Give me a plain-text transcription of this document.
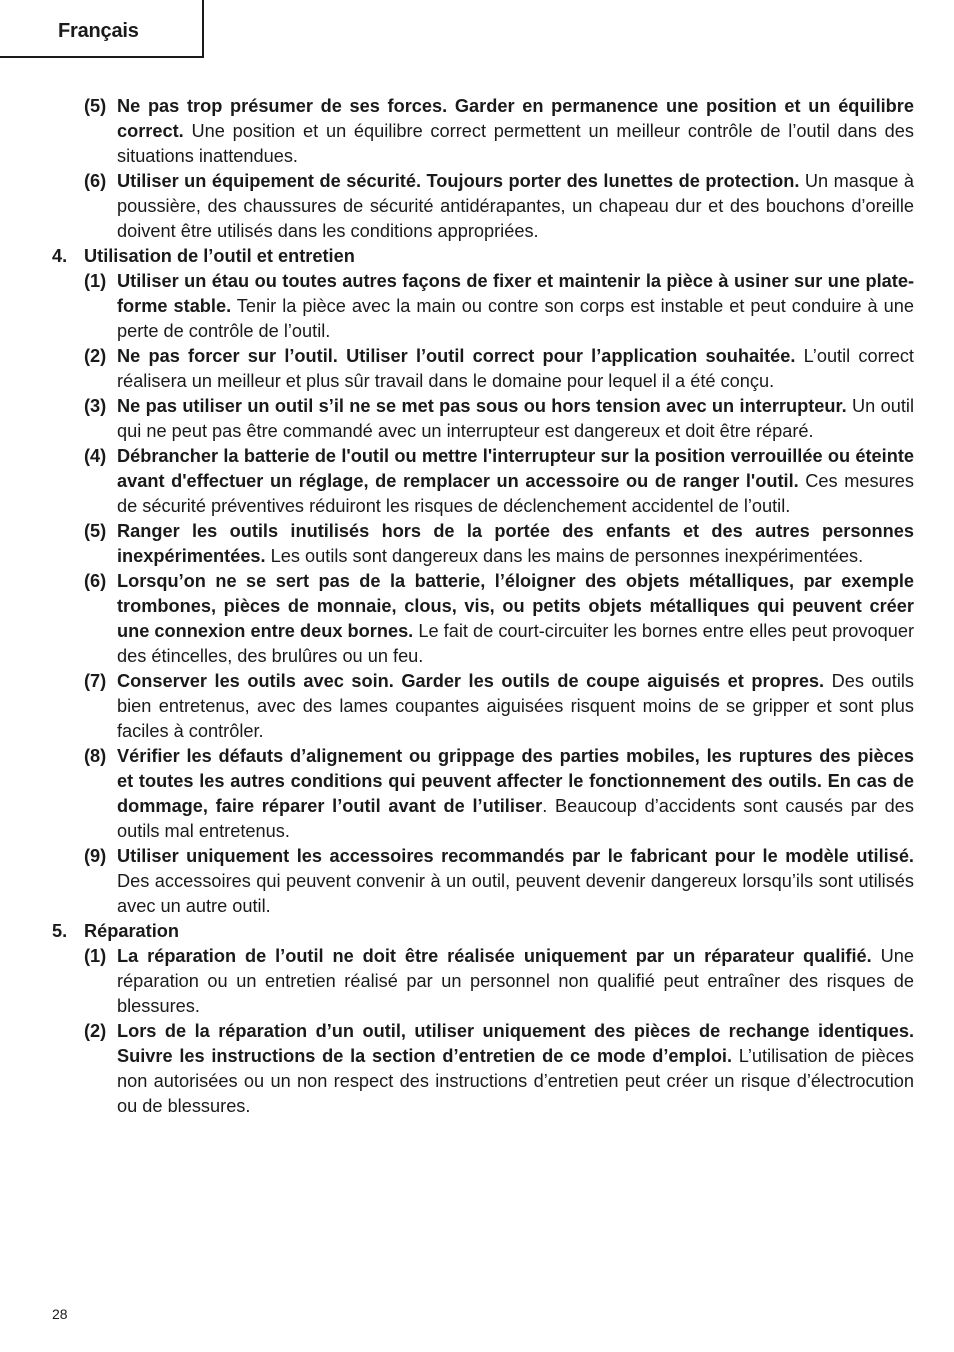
Français

(5) Ne pas trop présumer de ses forces. Garder en permanence une position et un équilibre correct. Une position et un équilibre correct permettent un meilleur contrôle de l’outil dans des situations inattendues.

(6) Utiliser un équipement de sécurité. Toujours porter des lunettes de protection. Un masque à poussière, des chaussures de sécurité antidérapantes, un chapeau dur et des bouchons d’oreille doivent être utilisés dans les conditions appropriées.

4. Utilisation de l’outil et entretien

(1) Utiliser un étau ou toutes autres façons de fixer et maintenir la pièce à usiner sur une plate-forme stable. Tenir la pièce avec la main ou contre son corps est instable et peut conduire à une perte de contrôle de l’outil.

(2) Ne pas forcer sur l’outil. Utiliser l’outil correct pour l’application souhaitée. L’outil correct réalisera un meilleur et plus sûr travail dans le domaine pour lequel il a été conçu.

(3) Ne pas utiliser un outil s’il ne se met pas sous ou hors tension avec un interrupteur. Un outil qui ne peut pas être commandé avec un interrupteur est dangereux et doit être réparé.

(4) Débrancher la batterie de l'outil ou mettre l'interrupteur sur la position verrouillée ou éteinte avant d'effectuer un réglage, de remplacer un accessoire ou de ranger l'outil. Ces mesures de sécurité préventives réduiront les risques de déclenchement accidentel de l’outil.

(5) Ranger les outils inutilisés hors de la portée des enfants et des autres personnes inexpérimentées. Les outils sont dangereux dans les mains de personnes inexpérimentées.

(6) Lorsqu’on ne se sert pas de la batterie, l’éloigner des objets métalliques, par exemple trombones, pièces de monnaie, clous, vis, ou petits objets métalliques qui peuvent créer une connexion entre deux bornes. Le fait de court-circuiter les bornes entre elles peut provoquer des étincelles, des brulûres ou un feu.

(7) Conserver les outils avec soin. Garder les outils de coupe aiguisés et propres. Des outils bien entretenus, avec des lames coupantes aiguisées risquent moins de se gripper et sont plus faciles à contrôler.

(8) Vérifier les défauts d’alignement ou grippage des parties mobiles, les ruptures des pièces et toutes les autres conditions qui peuvent affecter le fonctionnement des outils. En cas de dommage, faire réparer l’outil avant de l’utiliser. Beaucoup d’accidents sont causés par des outils mal entretenus.

(9) Utiliser uniquement les accessoires recommandés par le fabricant pour le modèle utilisé. Des accessoires qui peuvent convenir à un outil, peuvent devenir dangereux lorsqu’ils sont utilisés avec un autre outil.

5. Réparation

(1) La réparation de l’outil ne doit être réalisée uniquement par un réparateur qualifié. Une réparation ou un entretien réalisé par un personnel non qualifié peut entraîner des risques de blessures.

(2) Lors de la réparation d’un outil, utiliser uniquement des pièces de rechange identiques. Suivre les instructions de la section d’entretien de ce mode d’emploi. L’utilisation de pièces non autorisées ou un non respect des instructions d’entretien peut créer un risque d’électrocution ou de blessures.

28
